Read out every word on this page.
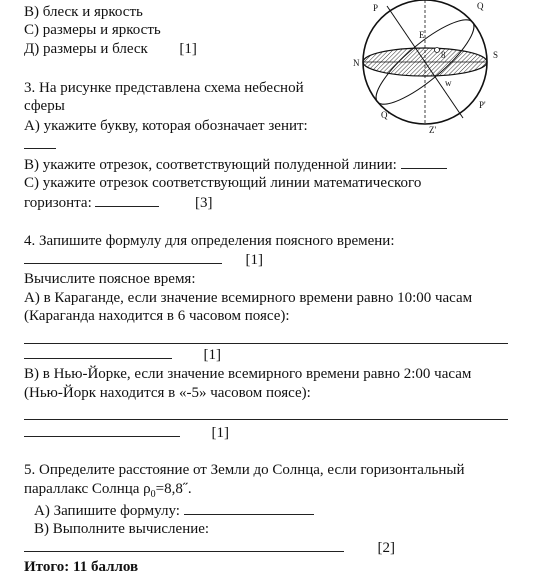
В) блеск и яркость
С) размеры и яркость
Д) размеры и блеск [1]
3. На рисунке представлена схема небесной
сферы
А) укажите букву, которая обозначает зенит:
В) укажите отрезок, соответствующий полуденной линии:
С) укажите отрезок соответствующий линии математического
горизонта:	[3]
4. Запишите формулу для определения поясного времени:
[1]
Вычислите поясное время:
А) в Караганде, если значение всемирного времени равно 10:00 часам
(Караганда находится в 6 часовом поясе):
[1]
В) в Нью-Йорке, если значение всемирного времени равно 2:00 часам
(Нью-Йорк находится в «-5» часовом поясе):
[1]
5. Определите расстояние от Земли до Солнца, если горизонтальный
параллакс Солнца $\rho_0=8,8˝$.
А) Запишите формулу:
В) Выполните вычисление:
[2]
Итого: 11 баллов
P	Q
E
N
S
w
P'
Q'
Z'
8
